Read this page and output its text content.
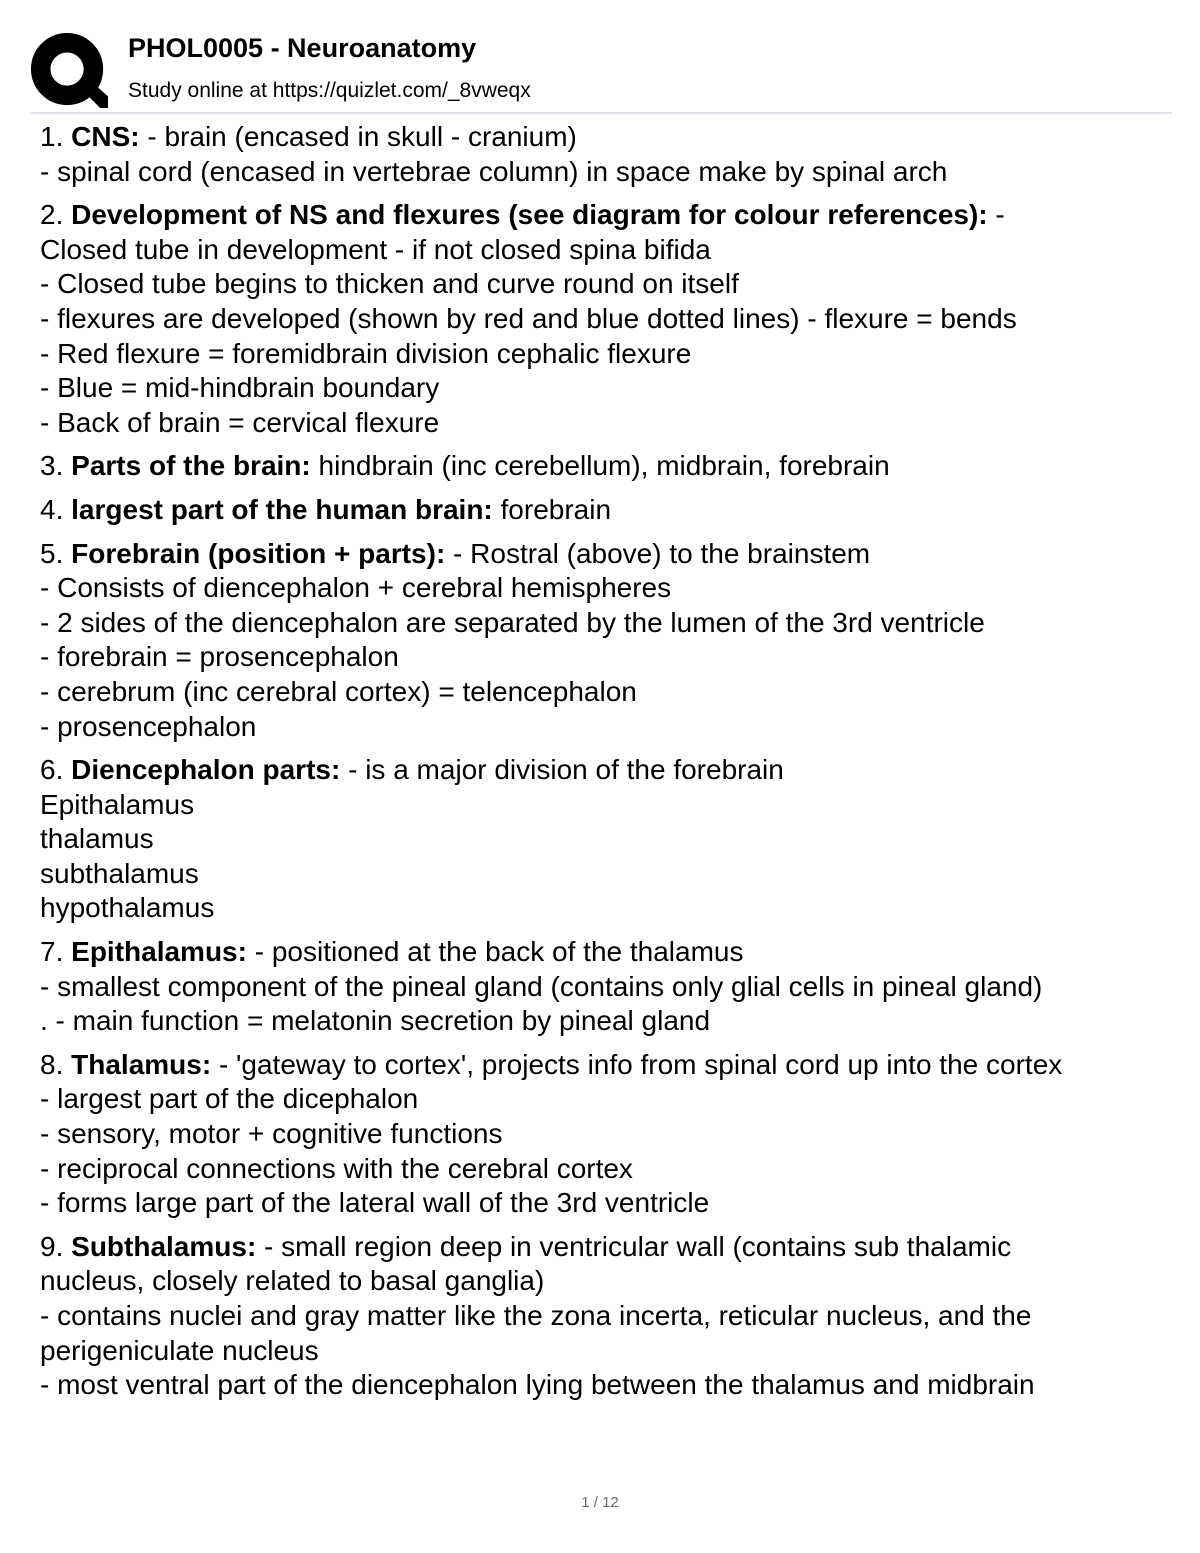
PHOL0005 - Neuroanatomy
Study online at https://quizlet.com/_8vweqx
1. CNS: - brain (encased in skull - cranium)
- spinal cord (encased in vertebrae column) in space make by spinal arch
2. Development of NS and flexures (see diagram for colour references): -
Closed tube in development - if not closed spina bifida
- Closed tube begins to thicken and curve round on itself
- flexures are developed (shown by red and blue dotted lines) - flexure = bends
- Red flexure = foremidbrain division cephalic flexure
- Blue = mid-hindbrain boundary
- Back of brain = cervical flexure
3. Parts of the brain: hindbrain (inc cerebellum), midbrain, forebrain
4. largest part of the human brain: forebrain
5. Forebrain (position + parts): - Rostral (above) to the brainstem
- Consists of diencephalon + cerebral hemispheres
- 2 sides of the diencephalon are separated by the lumen of the 3rd ventricle
- forebrain = prosencephalon
- cerebrum (inc cerebral cortex) = telencephalon
- prosencephalon
6. Diencephalon parts: - is a major division of the forebrain
Epithalamus
thalamus
subthalamus
hypothalamus
7. Epithalamus: - positioned at the back of the thalamus
- smallest component of the pineal gland (contains only glial cells in pineal gland)
. - main function = melatonin secretion by pineal gland
8. Thalamus: - 'gateway to cortex', projects info from spinal cord up into the cortex
- largest part of the dicephalon
- sensory, motor + cognitive functions
- reciprocal connections with the cerebral cortex
- forms large part of the lateral wall of the 3rd ventricle
9. Subthalamus: - small region deep in ventricular wall (contains sub thalamic
nucleus, closely related to basal ganglia)
- contains nuclei and gray matter like the zona incerta, reticular nucleus, and the
perigeniculate nucleus
- most ventral part of the diencephalon lying between the thalamus and midbrain
1 / 12
